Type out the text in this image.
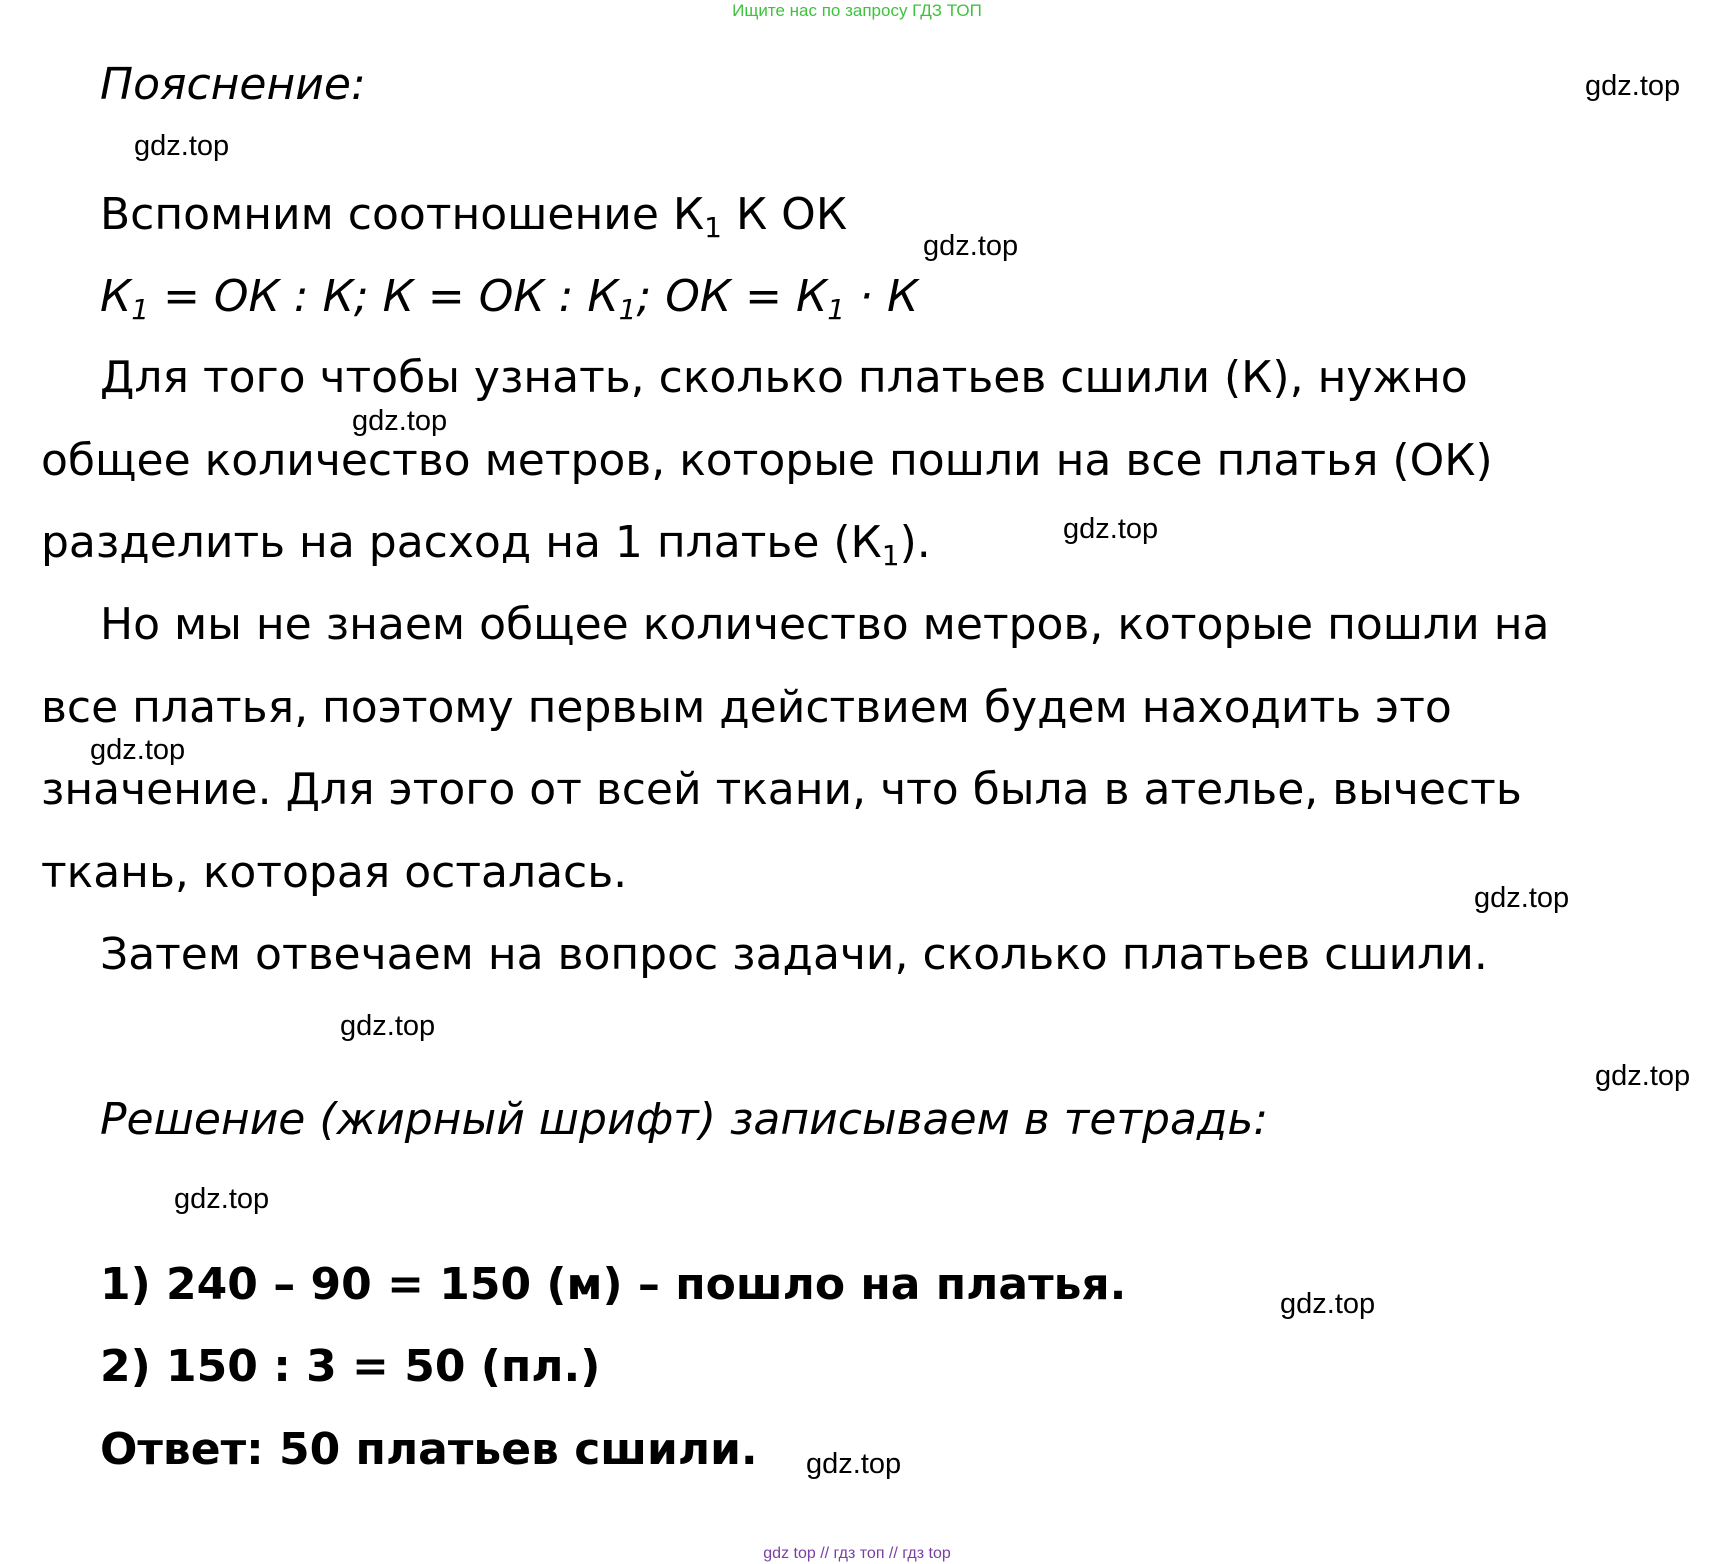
Ищите нас по запросу ГДЗ ТОП
Пояснение:
Вспомним соотношение $К_1$ К ОК
$К_1$ = ОК : К; К = ОК : $К_1$; ОК = $К_1 \cdot К$
Для того чтобы узнать, сколько платьев сшили (К), нужно
общее количество метров, которые пошли на все платья (ОК)
разделить на расход на 1 платье $(К_1)$.
Но мы не знаем общее количество метров, которые пошли на
все платья, поэтому первым действием будем находить это
значение. Для этого от всей ткани, что была в ателье, вычесть
ткань, которая осталась.
Затем отвечаем на вопрос задачи, сколько платьев сшили.
Решение (жирный шрифт) записываем в тетрадь:
1) 240 – 90 = 150 (м) – пошло на платья.
2) 150 : 3 = 50 (пл.)
Ответ: 50 платьев сшили.
gdz.top
gdz.top
gdz.top
gdz.top
gdz.top
gdz.top
gdz.top
gdz.top
gdz.top
gdz.top
gdz.top
gdz.top
gdz top // гдз топ // гдз top
